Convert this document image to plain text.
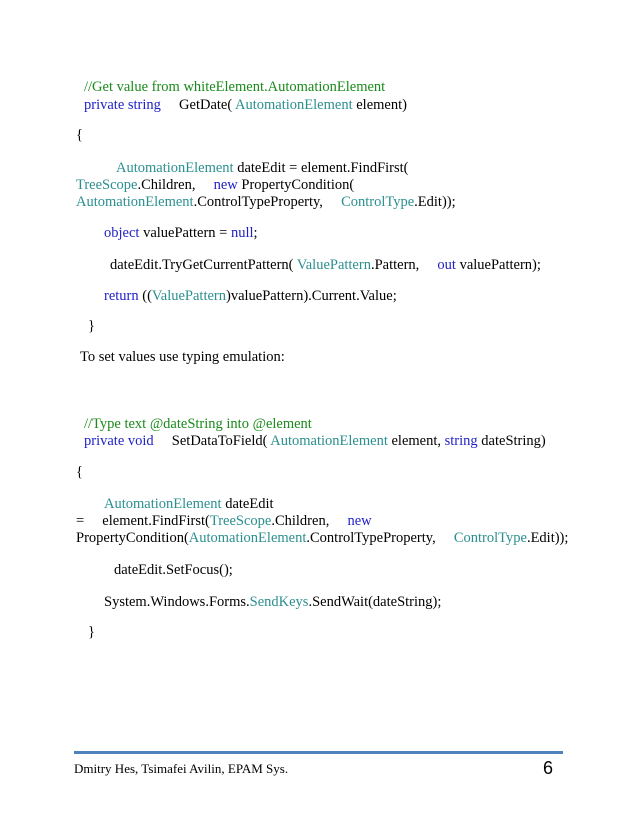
//Get value from whiteElement.AutomationElement
private string     GetDate( AutomationElement element)
{
AutomationElement dateEdit = element.FindFirst(
TreeScope.Children,     new PropertyCondition(
AutomationElement.ControlTypeProperty,     ControlType.Edit));
object valuePattern = null;
dateEdit.TryGetCurrentPattern( ValuePattern.Pattern,     out valuePattern);
return ((ValuePattern)valuePattern).Current.Value;
}
To set values use typing emulation:
//Type text @dateString into @element
private void     SetDataToField( AutomationElement element, string dateString)
{
AutomationElement dateEdit
=     element.FindFirst(TreeScope.Children,     new
PropertyCondition(AutomationElement.ControlTypeProperty,     ControlType.Edit));
dateEdit.SetFocus();
System.Windows.Forms.SendKeys.SendWait(dateString);
}
Dmitry Hes, Tsimafei Avilin, EPAM Sys.	6
